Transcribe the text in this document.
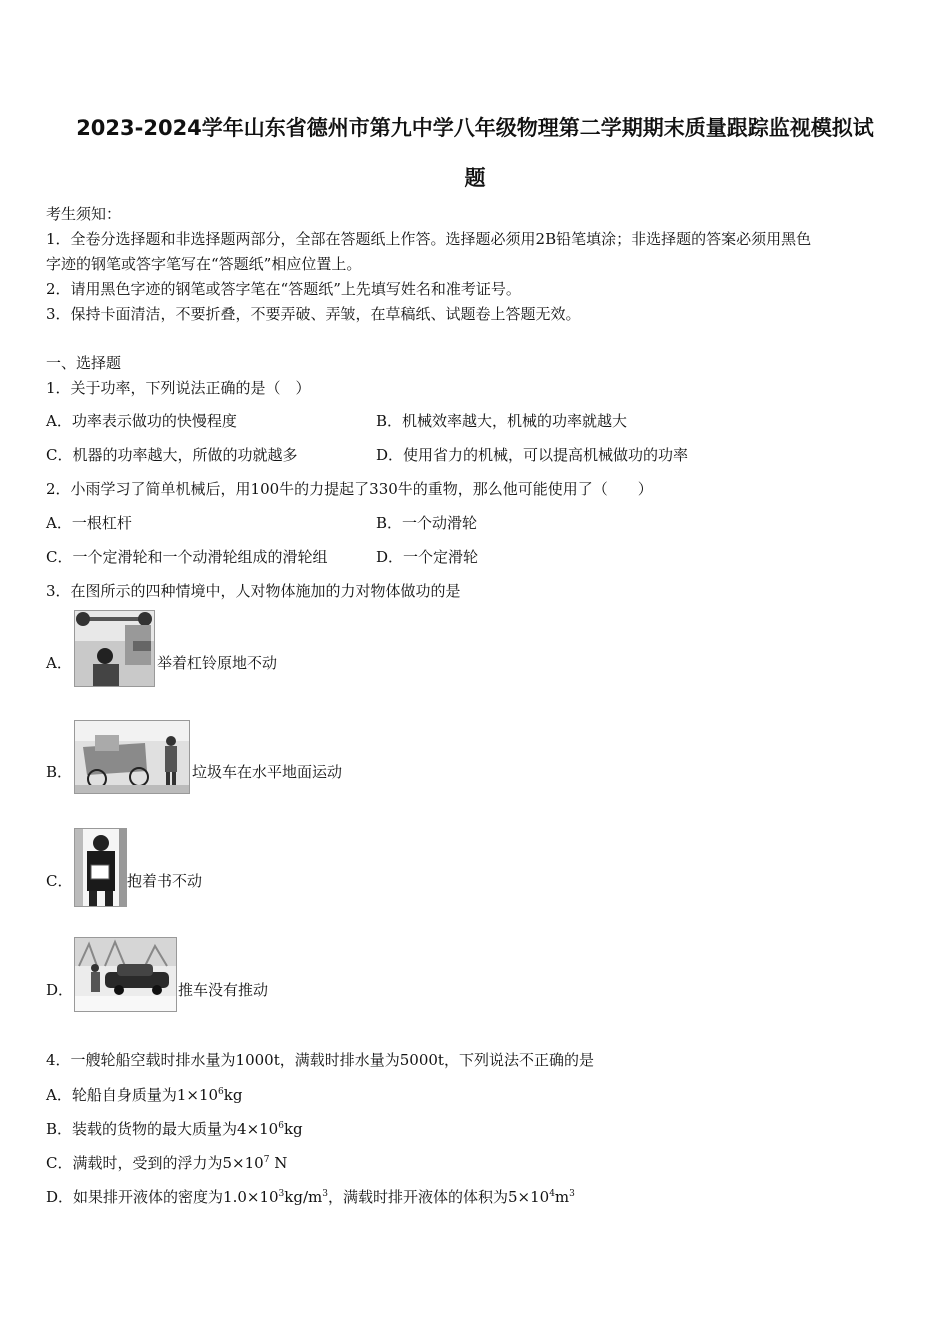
2023-2024学年山东省德州市第九中学八年级物理第二学期期末质量跟踪监视模拟试
题
考生须知：
1．全卷分选择题和非选择题两部分，全部在答题纸上作答。选择题必须用2B铅笔填涂；非选择题的答案必须用黑色
字迹的钢笔或答字笔写在“答题纸”相应位置上。
2．请用黑色字迹的钢笔或答字笔在“答题纸”上先填写姓名和准考证号。
3．保持卡面清洁，不要折叠，不要弄破、弄皱，在草稿纸、试题卷上答题无效。
一、选择题
1．关于功率，下列说法正确的是（　）
A．功率表示做功的快慢程度	B．机械效率越大，机械的功率就越大
C．机器的功率越大，所做的功就越多	D．使用省力的机械，可以提高机械做功的功率
2．小雨学习了简单机械后，用100牛的力提起了330牛的重物，那么他可能使用了（　　）
A．一根杠杆	B．一个动滑轮
C．一个定滑轮和一个动滑轮组成的滑轮组	D．一个定滑轮
3．在图所示的四种情境中，人对物体施加的力对物体做功的是
A．	举着杠铃原地不动
B．	垃圾车在水平地面运动
C．	抱着书不动
D．	推车没有推动
4．一艘轮船空载时排水量为1000t，满载时排水量为5000t，下列说法不正确的是
A．轮船自身质量为$1\times 10^6kg$
B．装载的货物的最大质量为$4\times 10^6kg$
C．满载时，受到的浮力为$5\times 10^7$ N
D．如果排开液体的密度为$1.0\times 10^3kg/m^3$，满载时排开液体的体积为$5\times 10^4m^3$
